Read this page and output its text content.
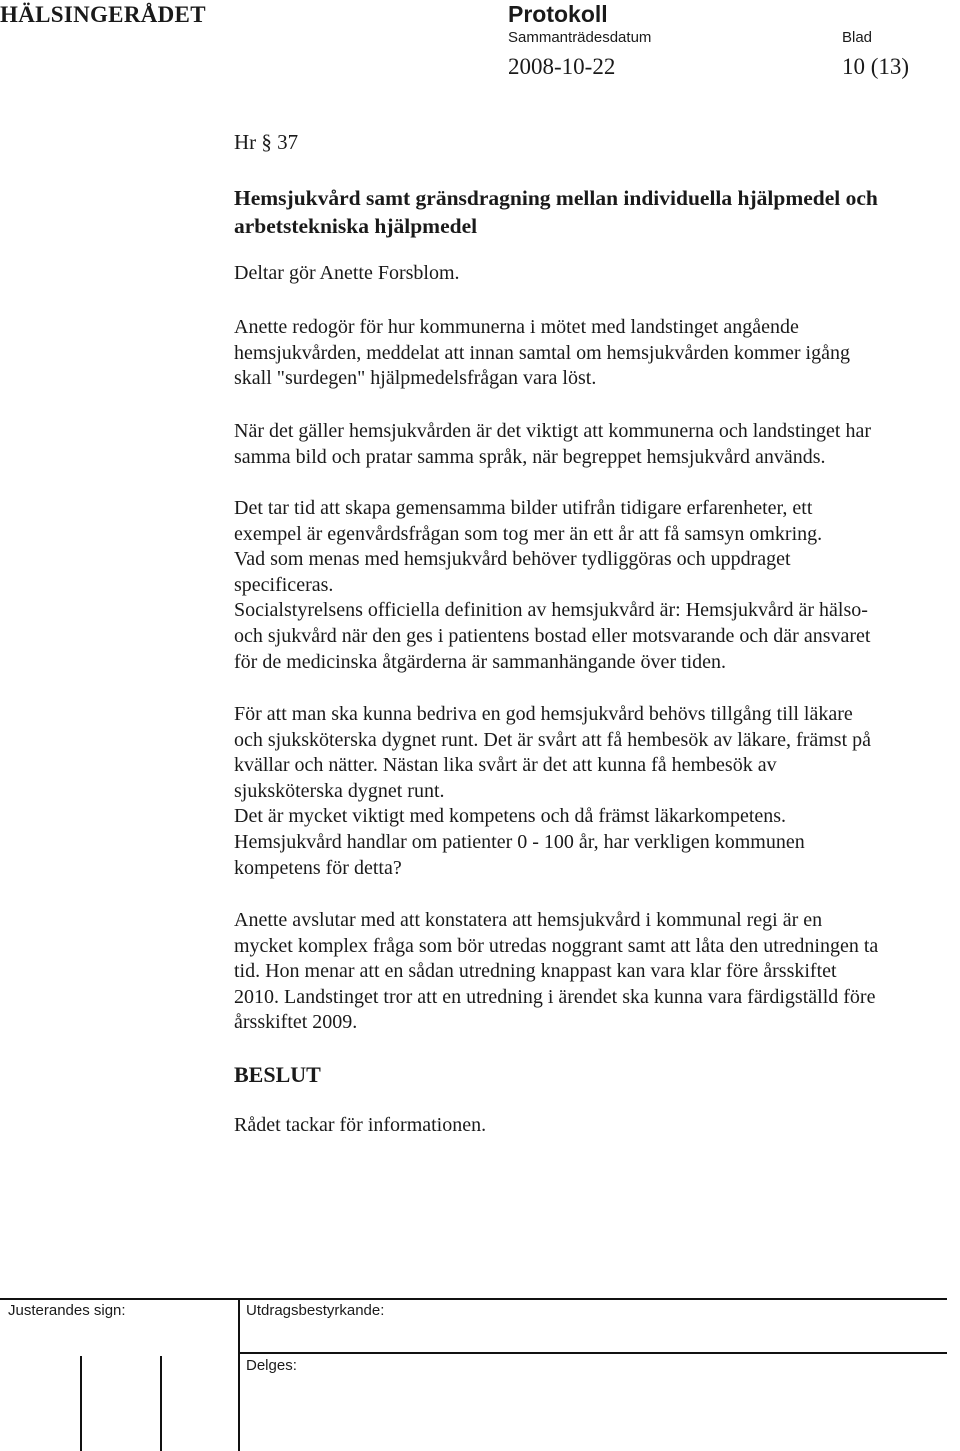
HÄLSINGERÅDET	Protokoll
Sammanträdesdatum	Blad
2008-10-22	10 (13)
Hr § 37
Hemsjukvård samt gränsdragning mellan individuella hjälpmedel och
arbetstekniska hjälpmedel
Deltar gör Anette Forsblom.

Anette redogör för hur kommunerna i mötet med landstinget angående

hemsjukvården, meddelat att innan samtal om hemsjukvården kommer igång

skall "surdegen" hjälpmedelsfrågan vara löst.

När det gäller hemsjukvården är det viktigt att kommunerna och landstinget har

samma bild och pratar samma språk, när begreppet hemsjukvård används.

Det tar tid att skapa gemensamma bilder utifrån tidigare erfarenheter, ett

exempel är egenvårdsfrågan som tog mer än ett år att få samsyn omkring.

Vad som menas med hemsjukvård behöver tydliggöras och uppdraget

specificeras.

Socialstyrelsens officiella definition av hemsjukvård är: Hemsjukvård är hälso-

och sjukvård när den ges i patientens bostad eller motsvarande och där ansvaret

för de medicinska åtgärderna är sammanhängande över tiden.

För att man ska kunna bedriva en god hemsjukvård behövs tillgång till läkare

och sjuksköterska dygnet runt. Det är svårt att få hembesök av läkare, främst på

kvällar och nätter. Nästan lika svårt är det att kunna få hembesök av

sjuksköterska dygnet runt.

Det är mycket viktigt med kompetens och då främst läkarkompetens.

Hemsjukvård handlar om patienter 0 - 100 år, har verkligen kommunen

kompetens för detta?

Anette avslutar med att konstatera att hemsjukvård i kommunal regi är en

mycket komplex fråga som bör utredas noggrant samt att låta den utredningen ta

tid. Hon menar att en sådan utredning knappast kan vara klar före årsskiftet

2010. Landstinget tror att en utredning i ärendet ska kunna vara färdigställd före

årsskiftet 2009.

BESLUT
Rådet tackar för informationen.
Justerandes sign:	Utdragsbestyrkande:
Delges:
